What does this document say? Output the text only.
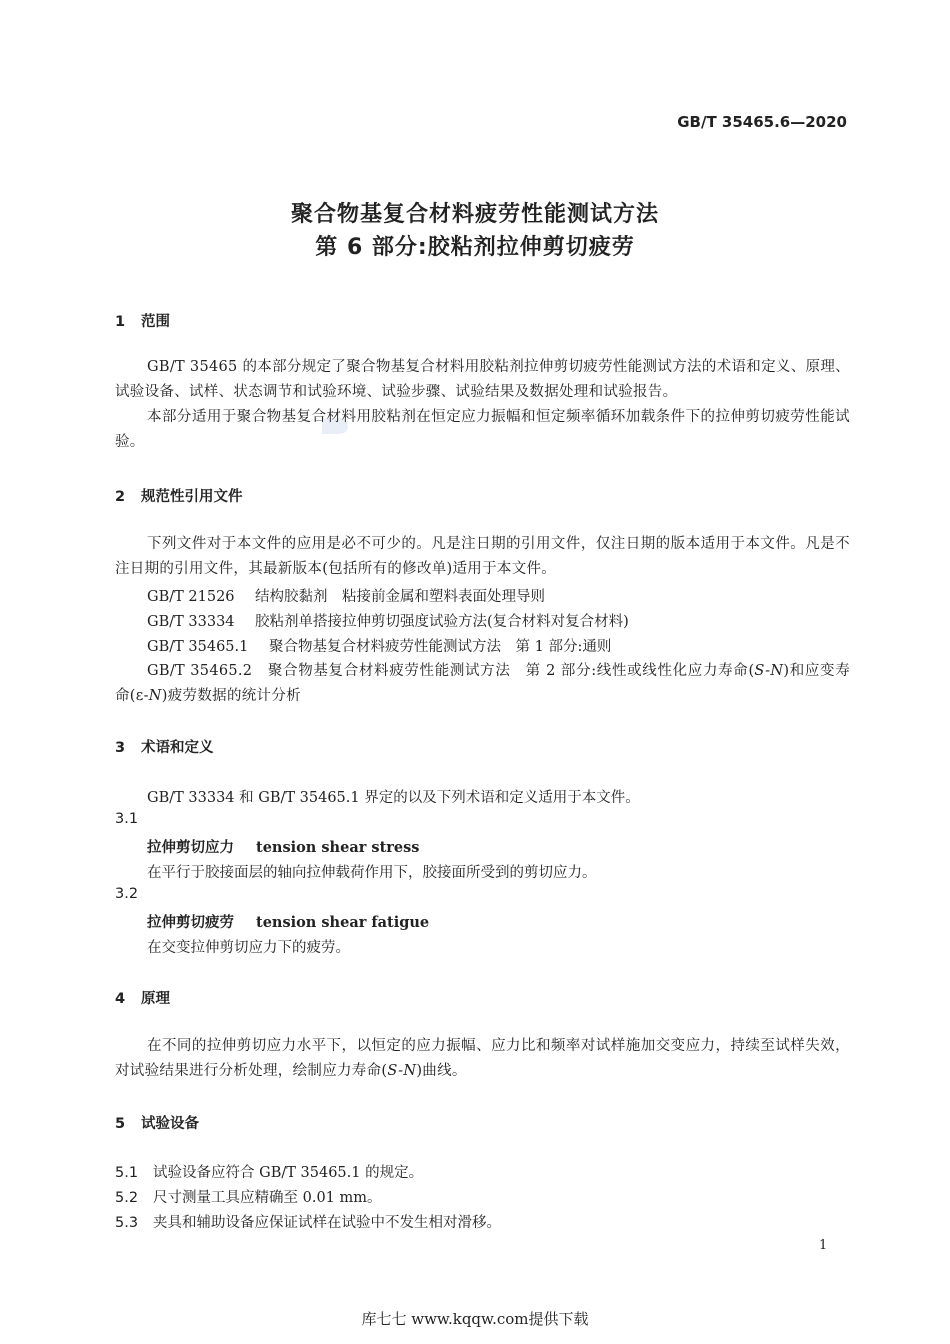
GB/T 35465.6—2020
聚合物基复合材料疲劳性能测试方法
第 6 部分:胶粘剂拉伸剪切疲劳
1 范围
GB/T 35465 的本部分规定了聚合物基复合材料用胶粘剂拉伸剪切疲劳性能测试方法的术语和定义、原理、试验设备、试样、状态调节和试验环境、试验步骤、试验结果及数据处理和试验报告。
本部分适用于聚合物基复合材料用胶粘剂在恒定应力振幅和恒定频率循环加载条件下的拉伸剪切疲劳性能试验。
2 规范性引用文件
下列文件对于本文件的应用是必不可少的。凡是注日期的引用文件，仅注日期的版本适用于本文件。凡是不注日期的引用文件，其最新版本(包括所有的修改单)适用于本文件。
GB/T 21526 结构胶黏剂　粘接前金属和塑料表面处理导则
GB/T 33334 胶粘剂单搭接拉伸剪切强度试验方法(复合材料对复合材料)
GB/T 35465.1 聚合物基复合材料疲劳性能测试方法　第 1 部分:通则
GB/T 35465.2　 聚合物基复合材料疲劳性能测试方法　第 2 部分:线性或线性化应力寿命(S-N)和应变寿命(ε-N)疲劳数据的统计分析
3 术语和定义
GB/T 33334 和 GB/T 35465.1 界定的以及下列术语和定义适用于本文件。
3.1
拉伸剪切应力 tension shear stress
在平行于胶接面层的轴向拉伸载荷作用下，胶接面所受到的剪切应力。
3.2
拉伸剪切疲劳 tension shear fatigue
在交变拉伸剪切应力下的疲劳。
4 原理
在不同的拉伸剪切应力水平下，以恒定的应力振幅、应力比和频率对试样施加交变应力，持续至试样失效，对试验结果进行分析处理，绘制应力寿命(S-N)曲线。
5 试验设备
5.1 试验设备应符合 GB/T 35465.1 的规定。
5.2 尺寸测量工具应精确至 0.01 mm。
5.3 夹具和辅助设备应保证试样在试验中不发生相对滑移。
1
库七七 www.kqqw.com提供下载
